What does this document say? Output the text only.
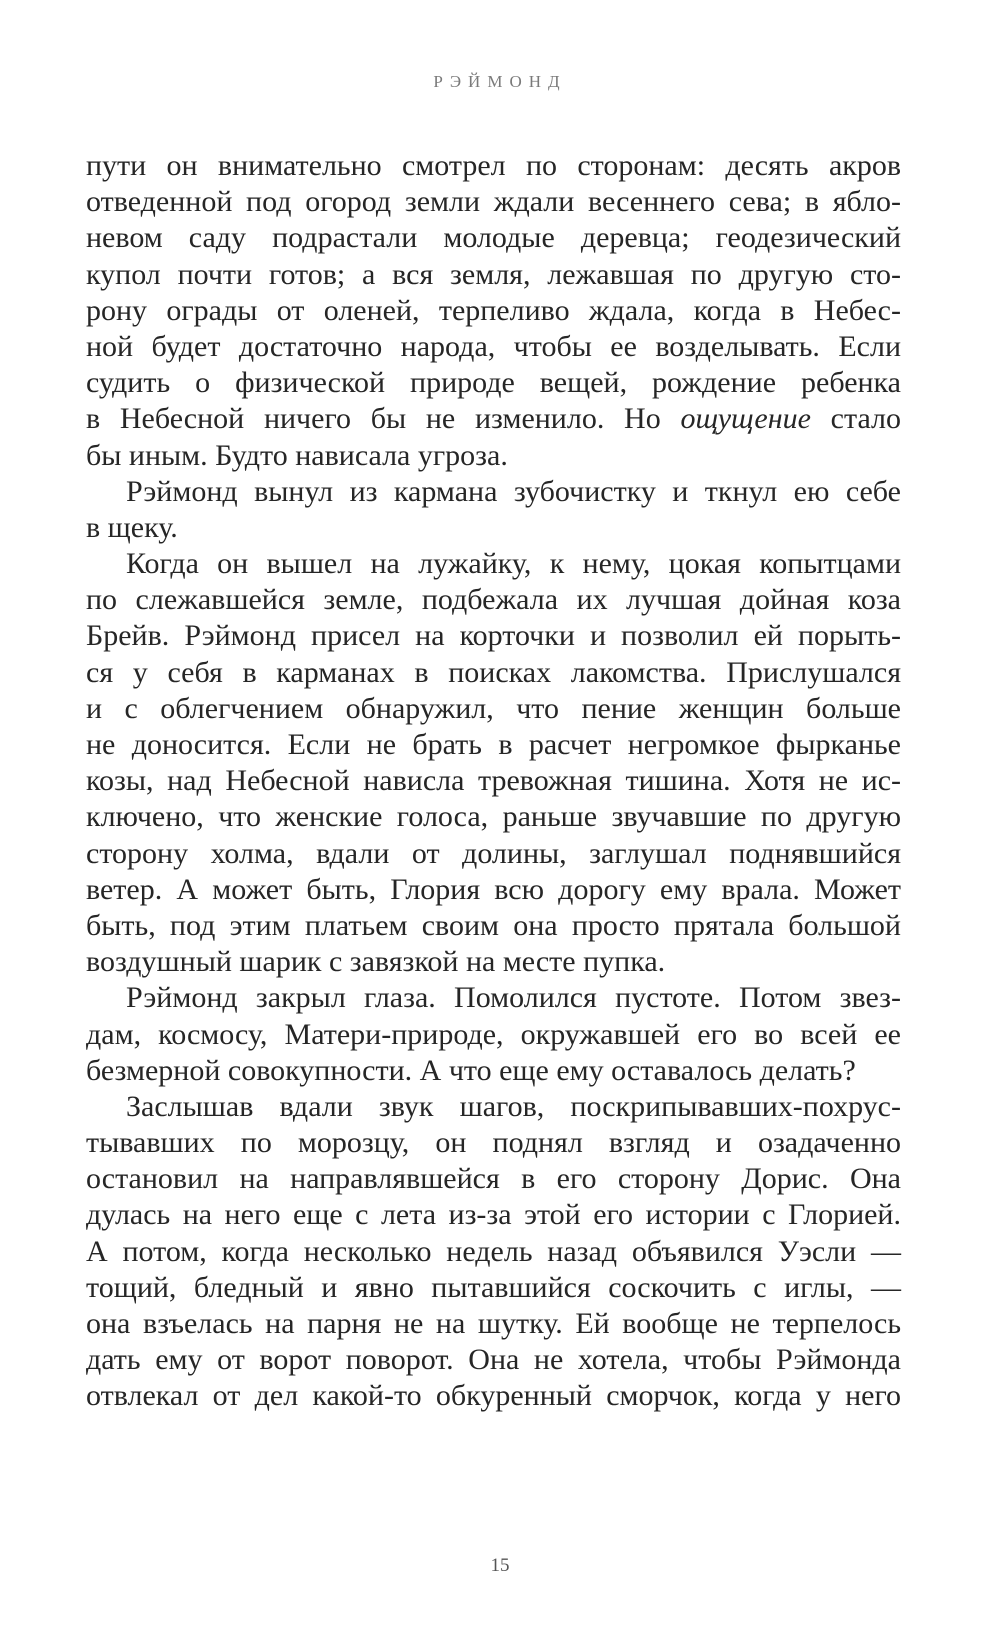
РЭЙМОНД
пути он внимательно смотрел по сторонам: десять акров
отведенной под огород земли ждали весеннего сева; в ябло-
невом саду подрастали молодые деревца; геодезический
купол почти готов; а вся земля, лежавшая по другую сто-
рону ограды от оленей, терпеливо ждала, когда в Небес-
ной будет достаточно народа, чтобы ее возделывать. Если
судить о физической природе вещей, рождение ребенка
в Небесной ничего бы не изменило. Но ощущение стало
бы иным. Будто нависала угроза.
Рэймонд вынул из кармана зубочистку и ткнул ею себе
в щеку.
Когда он вышел на лужайку, к нему, цокая копытцами
по слежавшейся земле, подбежала их лучшая дойная коза
Брейв. Рэймонд присел на корточки и позволил ей порыть-
ся у себя в карманах в поисках лакомства. Прислушался
и с облегчением обнаружил, что пение женщин больше
не доносится. Если не брать в расчет негромкое фырканье
козы, над Небесной нависла тревожная тишина. Хотя не ис-
ключено, что женские голоса, раньше звучавшие по другую
сторону холма, вдали от долины, заглушал поднявшийся
ветер. А может быть, Глория всю дорогу ему врала. Может
быть, под этим платьем своим она просто прятала большой
воздушный шарик с завязкой на месте пупка.
Рэймонд закрыл глаза. Помолился пустоте. Потом звез-
дам, космосу, Матери-природе, окружавшей его во всей ее
безмерной совокупности. А что еще ему оставалось делать?
Заслышав вдали звук шагов, поскрипывавших-похрус-
тывавших по морозцу, он поднял взгляд и озадаченно
остановил на направлявшейся в его сторону Дорис. Она
дулась на него еще с лета из-за этой его истории с Глорией.
А потом, когда несколько недель назад объявился Уэсли —
тощий, бледный и явно пытавшийся соскочить с иглы, —
она взъелась на парня не на шутку. Ей вообще не терпелось
дать ему от ворот поворот. Она не хотела, чтобы Рэймонда
отвлекал от дел какой-то обкуренный сморчок, когда у него
15
